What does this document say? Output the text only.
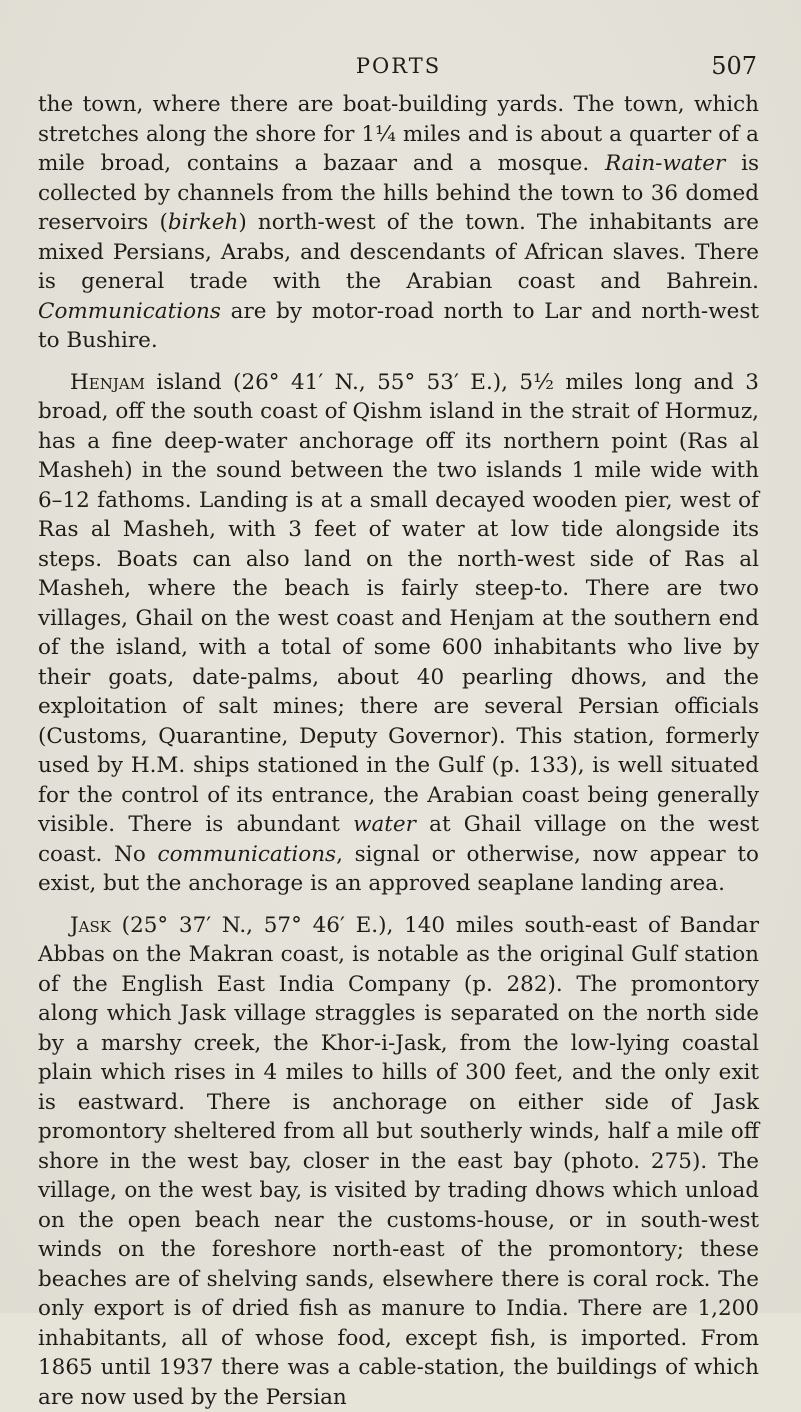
PORTS	507

the town, where there are boat-building yards. The town, which stretches along the shore for 1¼ miles and is about a quarter of a mile broad, contains a bazaar and a mosque. Rain-water is collected by channels from the hills behind the town to 36 domed reservoirs (birkeh) north-west of the town. The inhabitants are mixed Persians, Arabs, and descendants of African slaves. There is general trade with the Arabian coast and Bahrein. Communications are by motor-road north to Lar and north-west to Bushire.

Henjam island (26° 41′ N., 55° 53′ E.), 5½ miles long and 3 broad, off the south coast of Qishm island in the strait of Hormuz, has a fine deep-water anchorage off its northern point (Ras al Masheh) in the sound between the two islands 1 mile wide with 6–12 fathoms. Landing is at a small decayed wooden pier, west of Ras al Masheh, with 3 feet of water at low tide alongside its steps. Boats can also land on the north-west side of Ras al Masheh, where the beach is fairly steep-to. There are two villages, Ghail on the west coast and Henjam at the southern end of the island, with a total of some 600 inhabitants who live by their goats, date-palms, about 40 pearling dhows, and the exploitation of salt mines; there are several Persian officials (Customs, Quarantine, Deputy Governor). This station, formerly used by H.M. ships stationed in the Gulf (p. 133), is well situated for the control of its entrance, the Arabian coast being generally visible. There is abundant water at Ghail village on the west coast. No communications, signal or otherwise, now appear to exist, but the anchorage is an approved seaplane landing area.

Jask (25° 37′ N., 57° 46′ E.), 140 miles south-east of Bandar Abbas on the Makran coast, is notable as the original Gulf station of the English East India Company (p. 282). The promontory along which Jask village straggles is separated on the north side by a marshy creek, the Khor-i-Jask, from the low-lying coastal plain which rises in 4 miles to hills of 300 feet, and the only exit is eastward. There is anchorage on either side of Jask promontory sheltered from all but southerly winds, half a mile off shore in the west bay, closer in the east bay (photo. 275). The village, on the west bay, is visited by trading dhows which unload on the open beach near the customs-house, or in south-west winds on the foreshore north-east of the promontory; these beaches are of shelving sands, elsewhere there is coral rock. The only export is of dried fish as manure to India. There are 1,200 inhabitants, all of whose food, except fish, is imported. From 1865 until 1937 there was a cable-station, the buildings of which are now used by the Persian
